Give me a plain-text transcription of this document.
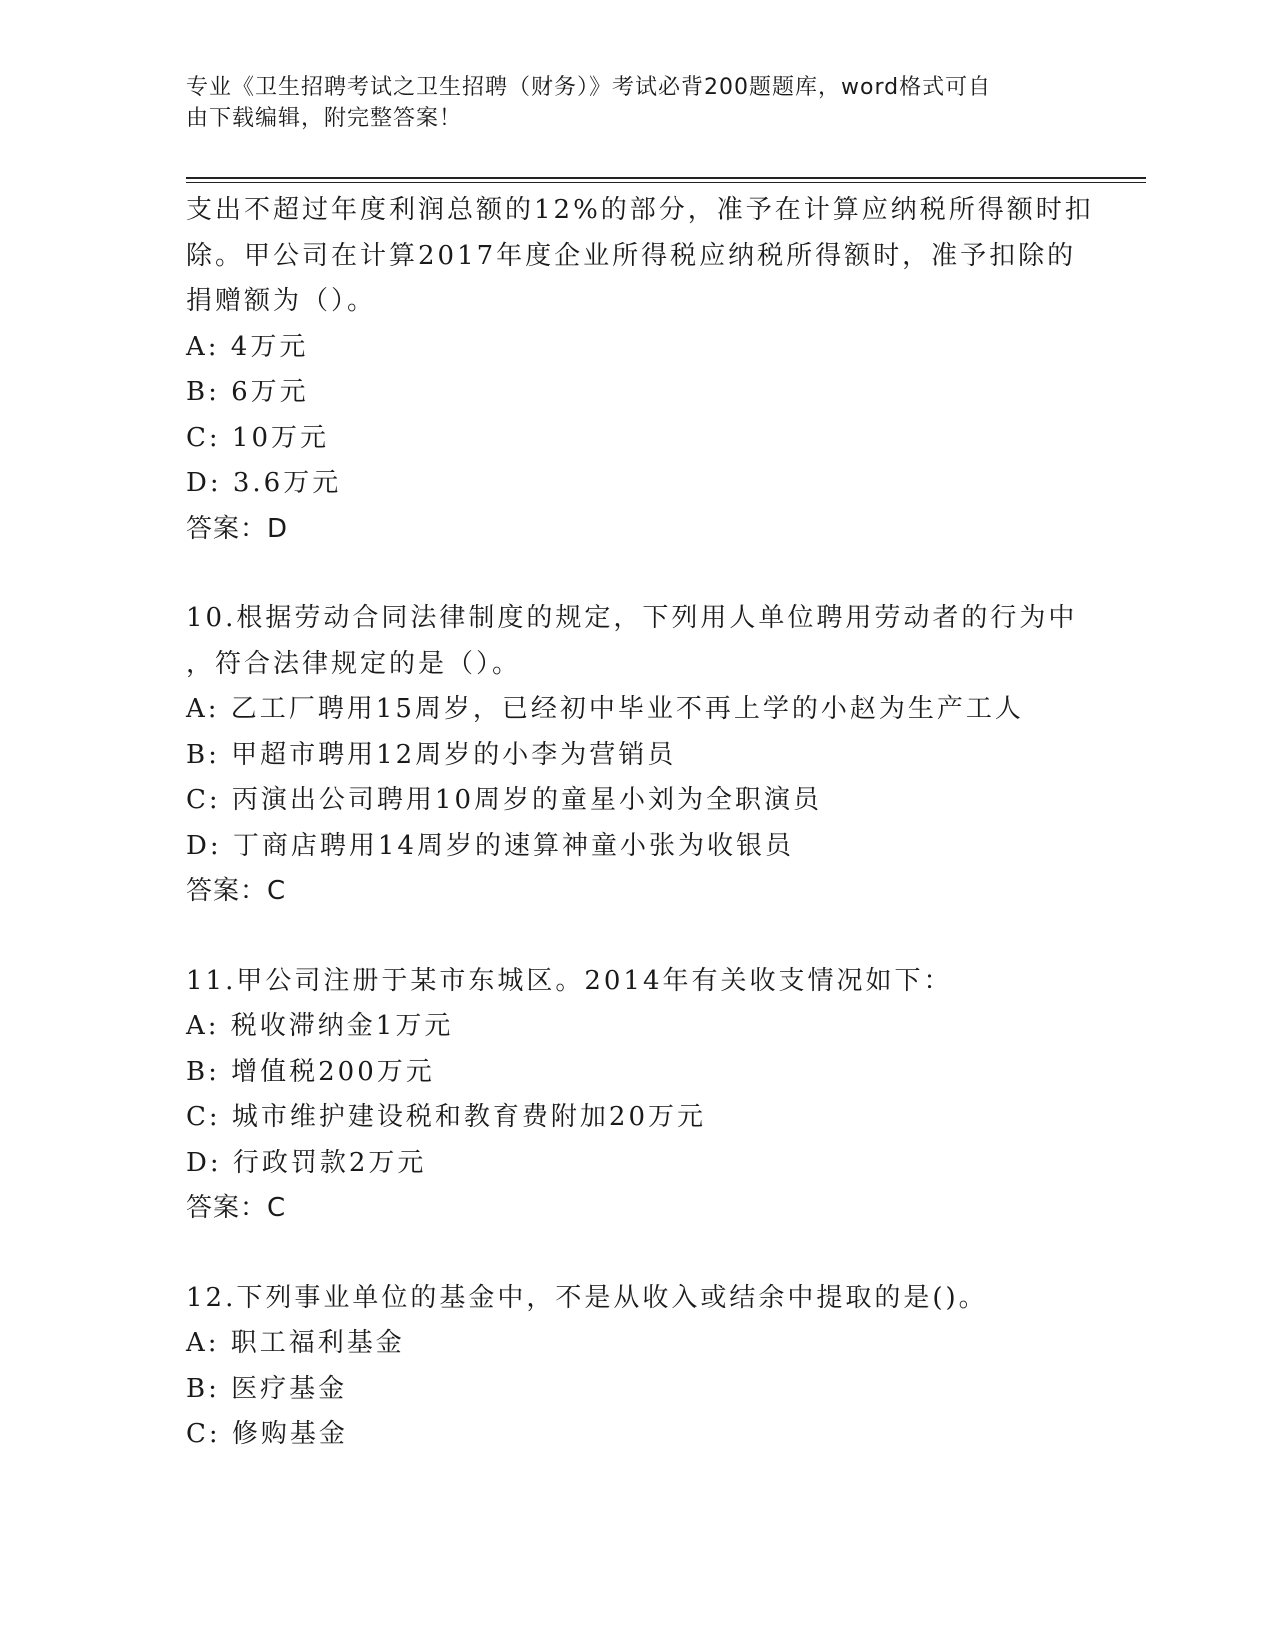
专业《卫生招聘考试之卫生招聘（财务）》考试必背200题题库，word格式可自
由下载编辑，附完整答案！
支出不超过年度利润总额的12%的部分，准予在计算应纳税所得额时扣
除。甲公司在计算2017年度企业所得税应纳税所得额时，准予扣除的
捐赠额为（）。
A: 4万元
B: 6万元
C: 10万元
D: 3.6万元
答案：D
10.根据劳动合同法律制度的规定，下列用人单位聘用劳动者的行为中
，符合法律规定的是（）。
A: 乙工厂聘用15周岁，已经初中毕业不再上学的小赵为生产工人
B: 甲超市聘用12周岁的小李为营销员
C: 丙演出公司聘用10周岁的童星小刘为全职演员
D: 丁商店聘用14周岁的速算神童小张为收银员
答案：C
11.甲公司注册于某市东城区。2014年有关收支情况如下：
A: 税收滞纳金1万元
B: 增值税200万元
C: 城市维护建设税和教育费附加20万元
D: 行政罚款2万元
答案：C
12.下列事业单位的基金中，不是从收入或结余中提取的是()。
A: 职工福利基金
B: 医疗基金
C: 修购基金
